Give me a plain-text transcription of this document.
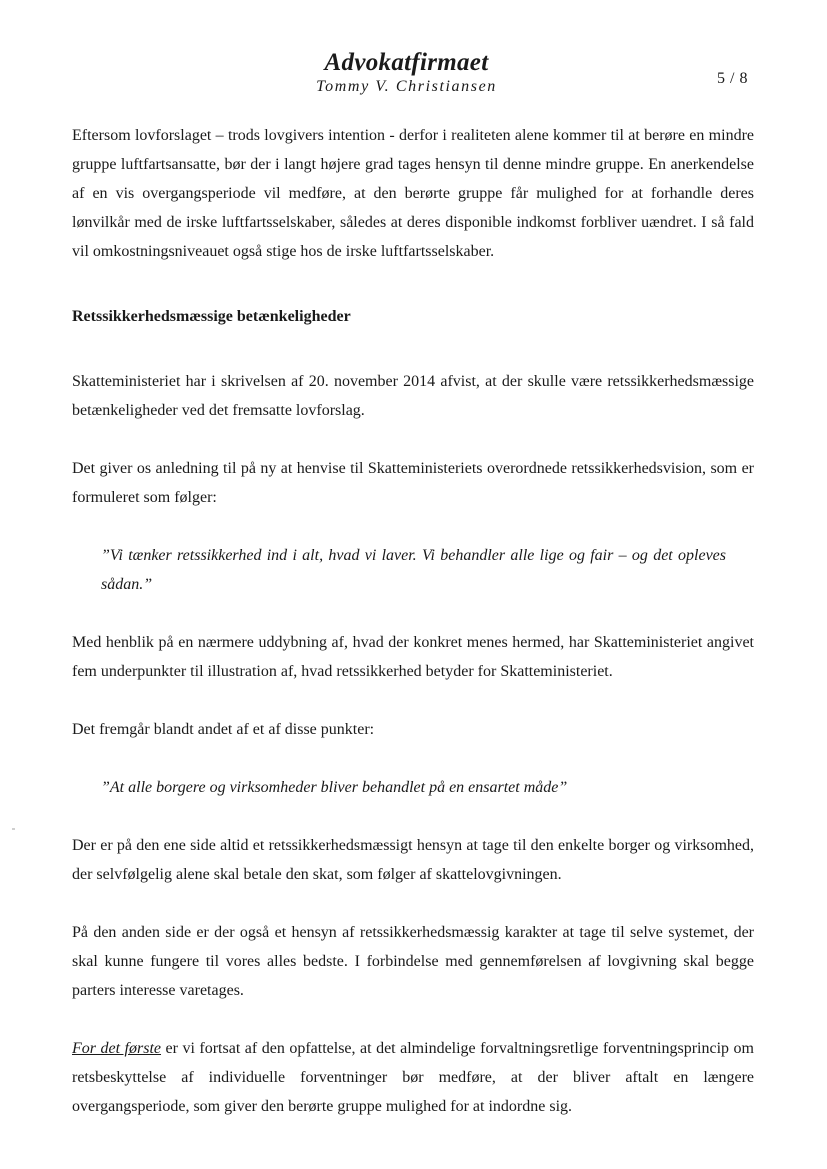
Advokatfirmaet
Tommy V. Christiansen	5 / 8

Eftersom lovforslaget – trods lovgivers intention - derfor i realiteten alene kommer til at berøre en mindre gruppe luftfartsansatte, bør der i langt højere grad tages hensyn til denne mindre gruppe. En anerkendelse af en vis overgangsperiode vil medføre, at den berørte gruppe får mulighed for at forhandle deres lønvilkår med de irske luftfartsselskaber, således at deres disponible indkomst forbliver uændret. I så fald vil omkostningsniveauet også stige hos de irske luftfartsselskaber.

Retssikkerhedsmæssige betænkeligheder

Skatteministeriet har i skrivelsen af 20. november 2014 afvist, at der skulle være retssikkerhedsmæssige betænkeligheder ved det fremsatte lovforslag.

Det giver os anledning til på ny at henvise til Skatteministeriets overordnede retssikkerhedsvision, som er formuleret som følger:

”Vi tænker retssikkerhed ind i alt, hvad vi laver. Vi behandler alle lige og fair – og det opleves sådan.”

Med henblik på en nærmere uddybning af, hvad der konkret menes hermed, har Skatteministeriet angivet fem underpunkter til illustration af, hvad retssikkerhed betyder for Skatteministeriet.

Det fremgår blandt andet af et af disse punkter:

”At alle borgere og virksomheder bliver behandlet på en ensartet måde”

Der er på den ene side altid et retssikkerhedsmæssigt hensyn at tage til den enkelte borger og virksomhed, der selvfølgelig alene skal betale den skat, som følger af skattelovgivningen.

På den anden side er der også et hensyn af retssikkerhedsmæssig karakter at tage til selve systemet, der skal kunne fungere til vores alles bedste. I forbindelse med gennemførelsen af lovgivning skal begge parters interesse varetages.

For det første er vi fortsat af den opfattelse, at det almindelige forvaltningsretlige forventningsprincip om retsbeskyttelse af individuelle forventninger bør medføre, at der bliver aftalt en længere overgangsperiode, som giver den berørte gruppe mulighed for at indordne sig.
